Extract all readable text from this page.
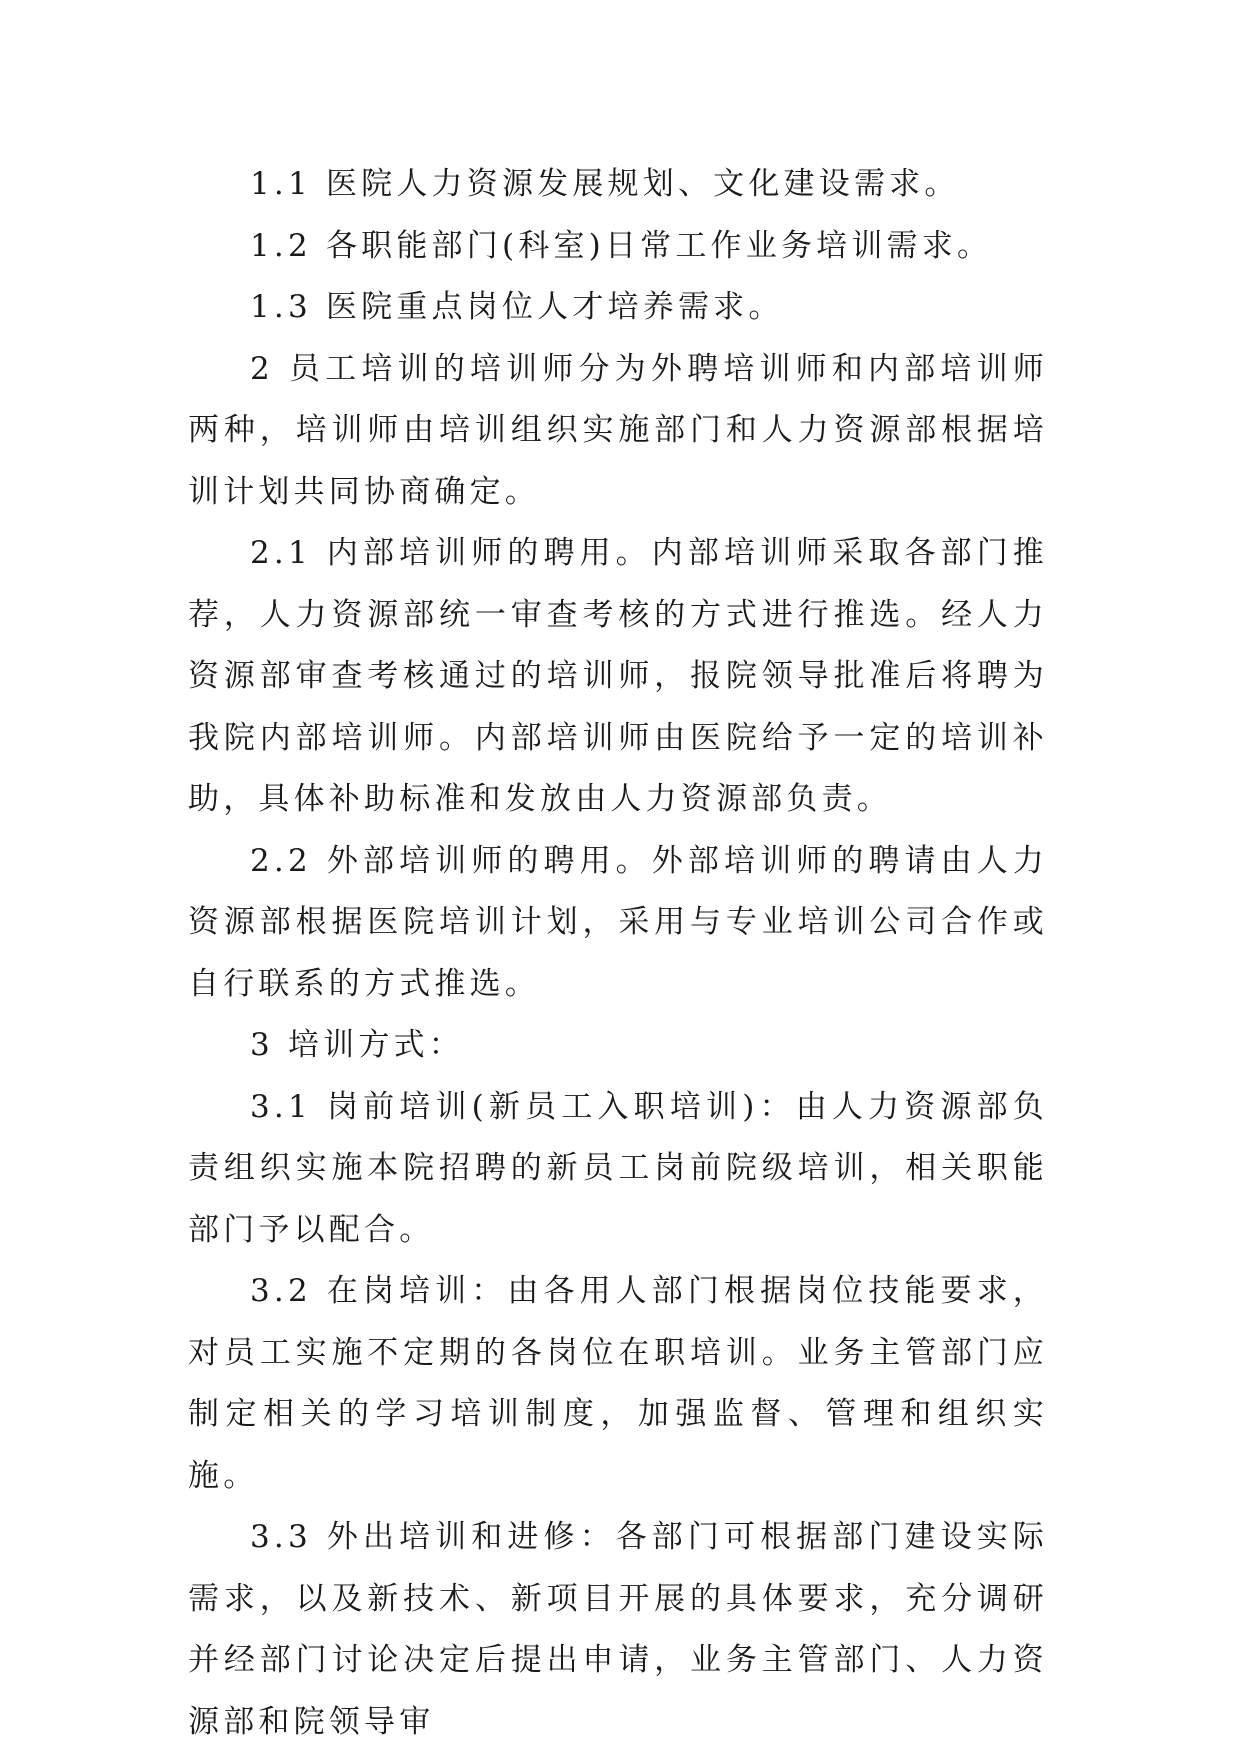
1.1 医院人力资源发展规划、文化建设需求。

1.2 各职能部门(科室)日常工作业务培训需求。

1.3 医院重点岗位人才培养需求。

2 员工培训的培训师分为外聘培训师和内部培训师两种，培训师由培训组织实施部门和人力资源部根据培训计划共同协商确定。

2.1 内部培训师的聘用。内部培训师采取各部门推荐，人力资源部统一审查考核的方式进行推选。经人力资源部审查考核通过的培训师，报院领导批准后将聘为我院内部培训师。内部培训师由医院给予一定的培训补助，具体补助标准和发放由人力资源部负责。

2.2 外部培训师的聘用。外部培训师的聘请由人力资源部根据医院培训计划，采用与专业培训公司合作或自行联系的方式推选。

3 培训方式：

3.1 岗前培训(新员工入职培训)：由人力资源部负责组织实施本院招聘的新员工岗前院级培训，相关职能部门予以配合。

3.2 在岗培训：由各用人部门根据岗位技能要求，对员工实施不定期的各岗位在职培训。业务主管部门应制定相关的学习培训制度，加强监督、管理和组织实施。

3.3 外出培训和进修：各部门可根据部门建设实际需求，以及新技术、新项目开展的具体要求，充分调研并经部门讨论决定后提出申请，业务主管部门、人力资源部和院领导审
